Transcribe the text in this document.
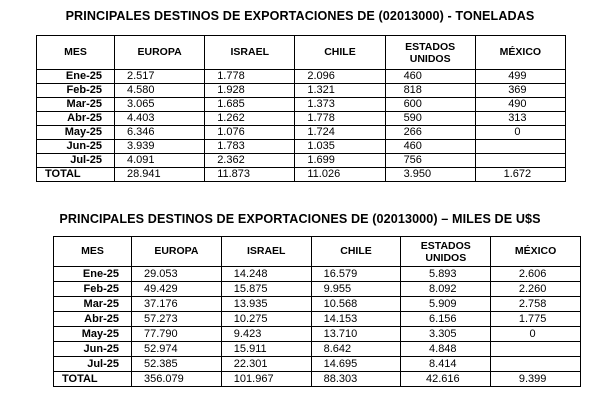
PRINCIPALES DESTINOS DE EXPORTACIONES DE (02013000) - TONELADAS
MES	EUROPA	ISRAEL	CHILE	ESTADOS UNIDOS	MÉXICO
Ene-25	2.517	1.778	2.096	460	499
Feb-25	4.580	1.928	1.321	818	369
Mar-25	3.065	1.685	1.373	600	490
Abr-25	4.403	1.262	1.778	590	313
May-25	6.346	1.076	1.724	266	0
Jun-25	3.939	1.783	1.035	460	
Jul-25	4.091	2.362	1.699	756	
TOTAL	28.941	11.873	11.026	3.950	1.672
PRINCIPALES DESTINOS DE EXPORTACIONES DE (02013000) – MILES DE U$S
MES	EUROPA	ISRAEL	CHILE	ESTADOS UNIDOS	MÉXICO
Ene-25	29.053	14.248	16.579	5.893	2.606
Feb-25	49.429	15.875	9.955	8.092	2.260
Mar-25	37.176	13.935	10.568	5.909	2.758
Abr-25	57.273	10.275	14.153	6.156	1.775
May-25	77.790	9.423	13.710	3.305	0
Jun-25	52.974	15.911	8.642	4.848	
Jul-25	52.385	22.301	14.695	8.414	
TOTAL	356.079	101.967	88.303	42.616	9.399
